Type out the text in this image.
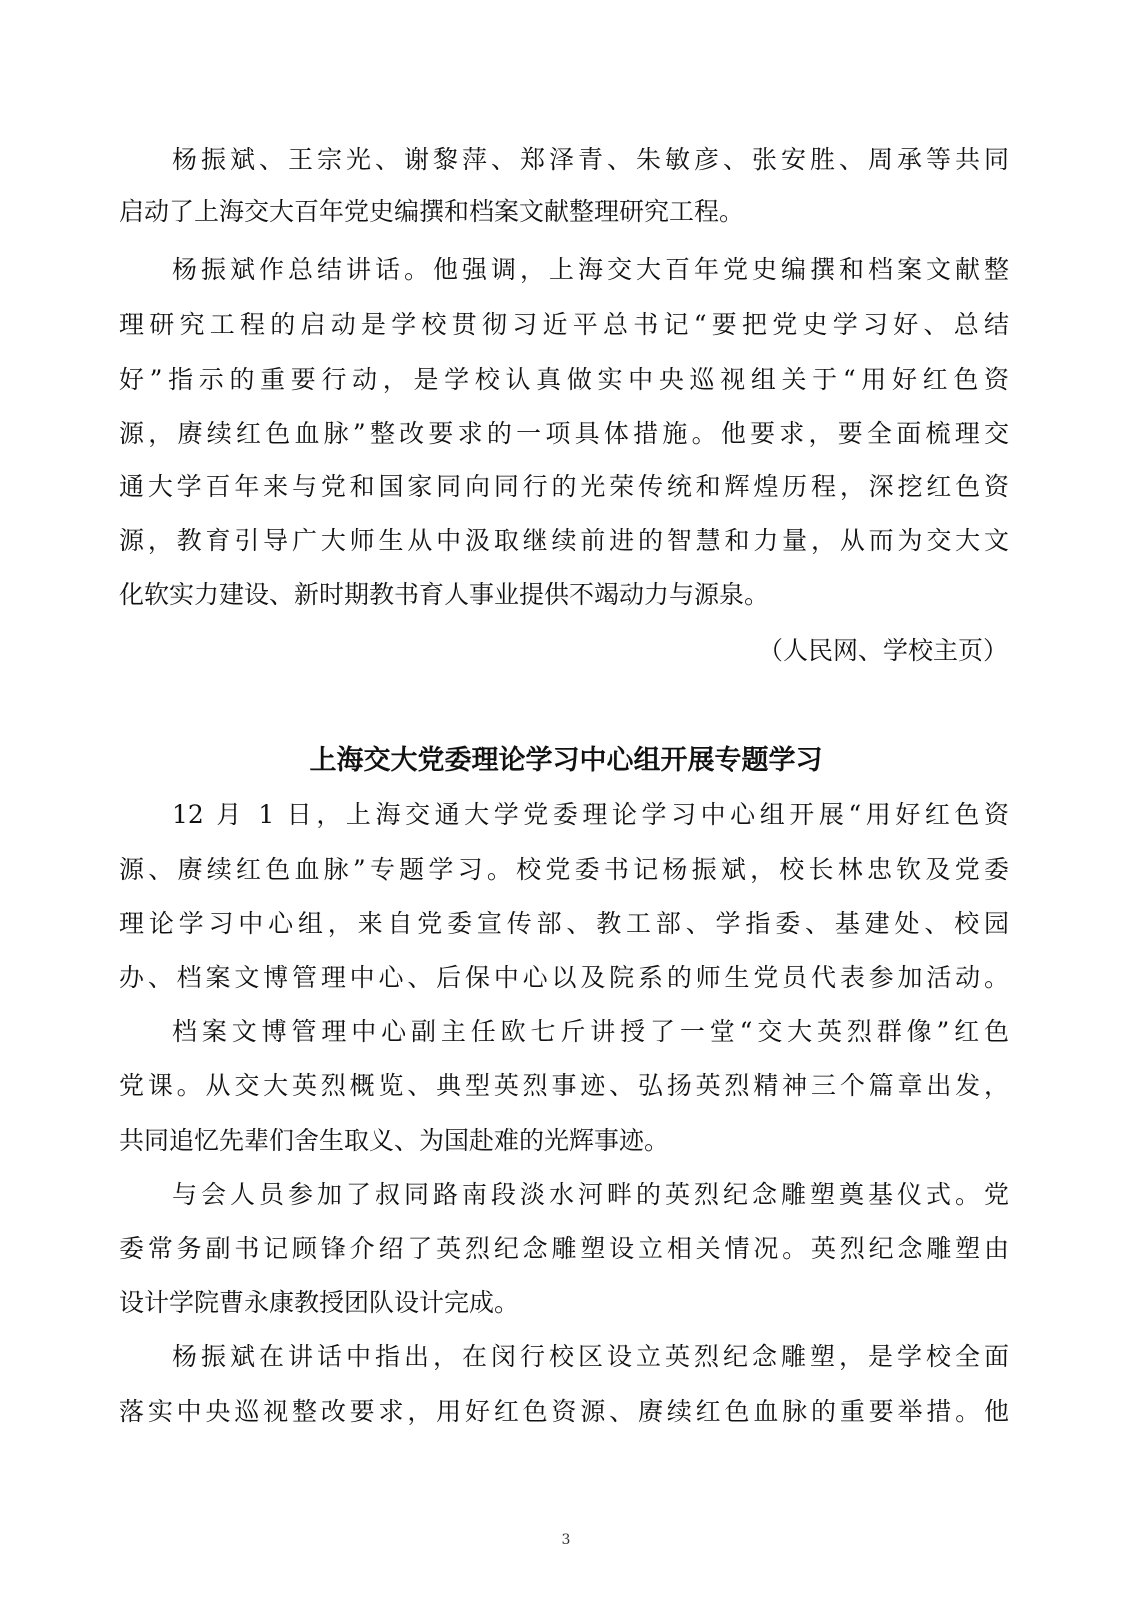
杨振斌、王宗光、谢黎萍、郑泽青、朱敏彦、张安胜、周承等共同
启动了上海交大百年党史编撰和档案文献整理研究工程。
杨振斌作总结讲话。他强调，上海交大百年党史编撰和档案文献整
理研究工程的启动是学校贯彻习近平总书记“要把党史学习好、总结
好”指示的重要行动，是学校认真做实中央巡视组关于“用好红色资
源，赓续红色血脉”整改要求的一项具体措施。他要求，要全面梳理交
通大学百年来与党和国家同向同行的光荣传统和辉煌历程，深挖红色资
源，教育引导广大师生从中汲取继续前进的智慧和力量，从而为交大文
化软实力建设、新时期教书育人事业提供不竭动力与源泉。
（人民网、学校主页）
上海交大党委理论学习中心组开展专题学习
12 月 1 日，上海交通大学党委理论学习中心组开展“用好红色资
源、赓续红色血脉”专题学习。校党委书记杨振斌，校长林忠钦及党委
理论学习中心组，来自党委宣传部、教工部、学指委、基建处、校园
办、档案文博管理中心、后保中心以及院系的师生党员代表参加活动。
档案文博管理中心副主任欧七斤讲授了一堂“交大英烈群像”红色
党课。从交大英烈概览、典型英烈事迹、弘扬英烈精神三个篇章出发，
共同追忆先辈们舍生取义、为国赴难的光辉事迹。
与会人员参加了叔同路南段淡水河畔的英烈纪念雕塑奠基仪式。党
委常务副书记顾锋介绍了英烈纪念雕塑设立相关情况。英烈纪念雕塑由
设计学院曹永康教授团队设计完成。
杨振斌在讲话中指出，在闵行校区设立英烈纪念雕塑，是学校全面
落实中央巡视整改要求，用好红色资源、赓续红色血脉的重要举措。他
3
